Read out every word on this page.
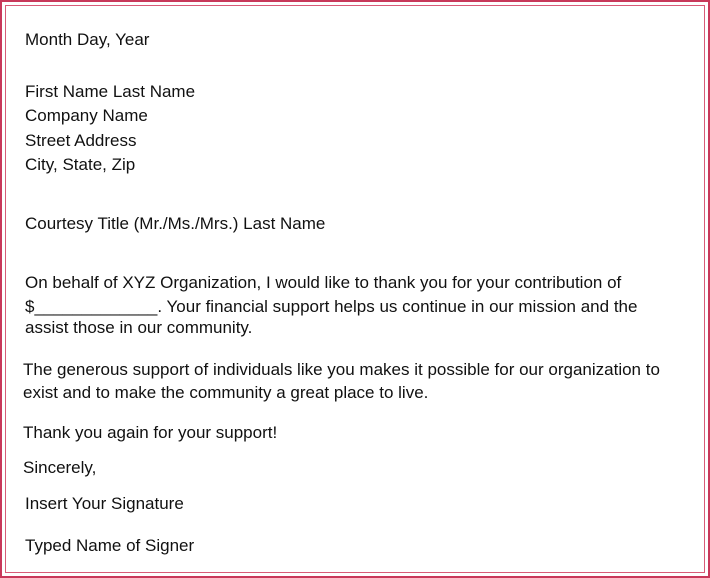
Month Day, Year

First Name Last Name

Company Name

Street Address

City, State, Zip

Courtesy Title (Mr./Ms./Mrs.) Last Name

On behalf of XYZ Organization, I would like to thank you for your contribution of

$_____________. Your financial support helps us continue in our mission and the

assist those in our community.

The generous support of individuals like you makes it possible for our organization to

exist and to make the community a great place to live.

Thank you again for your support!

Sincerely,

Insert Your Signature

Typed Name of Signer
